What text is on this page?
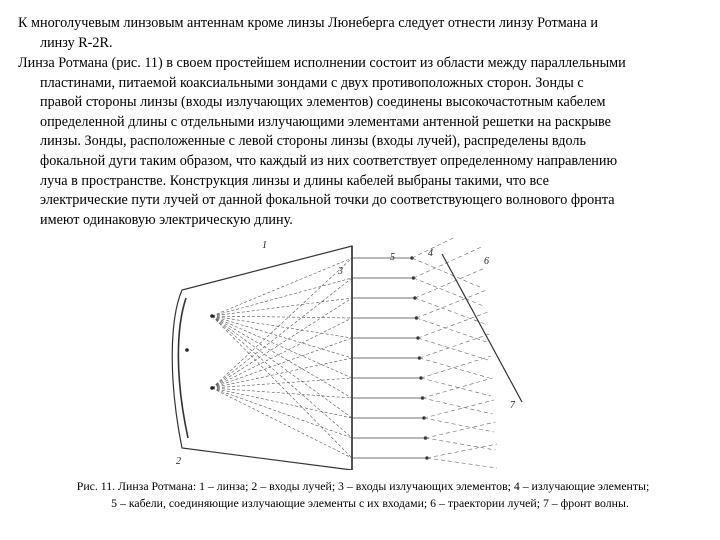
К многолучевым линзовым антеннам кроме линзы Люнеберга следует отнести линзу Ротмана и
линзу R-2R.
Линза Ротмана (рис. 11) в своем простейшем исполнении состоит из области между параллельными
пластинами, питаемой коаксиальными зондами с двух противоположных сторон. Зонды с
правой стороны линзы (входы излучающих элементов) соединены высокочастотным кабелем
определенной длины с отдельными излучающими элементами антенной решетки на раскрыве
линзы. Зонды, расположенные с левой стороны линзы (входы лучей), распределены вдоль
фокальной дуги таким образом, что каждый из них соответствует определенному направлению
луча в пространстве. Конструкция линзы и длины кабелей выбраны такими, что все
электрические пути лучей от данной фокальной точки до соответствующего волнового фронта
имеют одинаковую электрическую длину.
1
2
3
4
5	6
7
Рис. 11. Линза Ротмана: 1 – линза; 2 – входы лучей; 3 – входы излучающих элементов; 4 – излучающие элементы;
5 – кабели, соединяющие излучающие элементы с их входами; 6 – траектории лучей; 7 – фронт волны.
